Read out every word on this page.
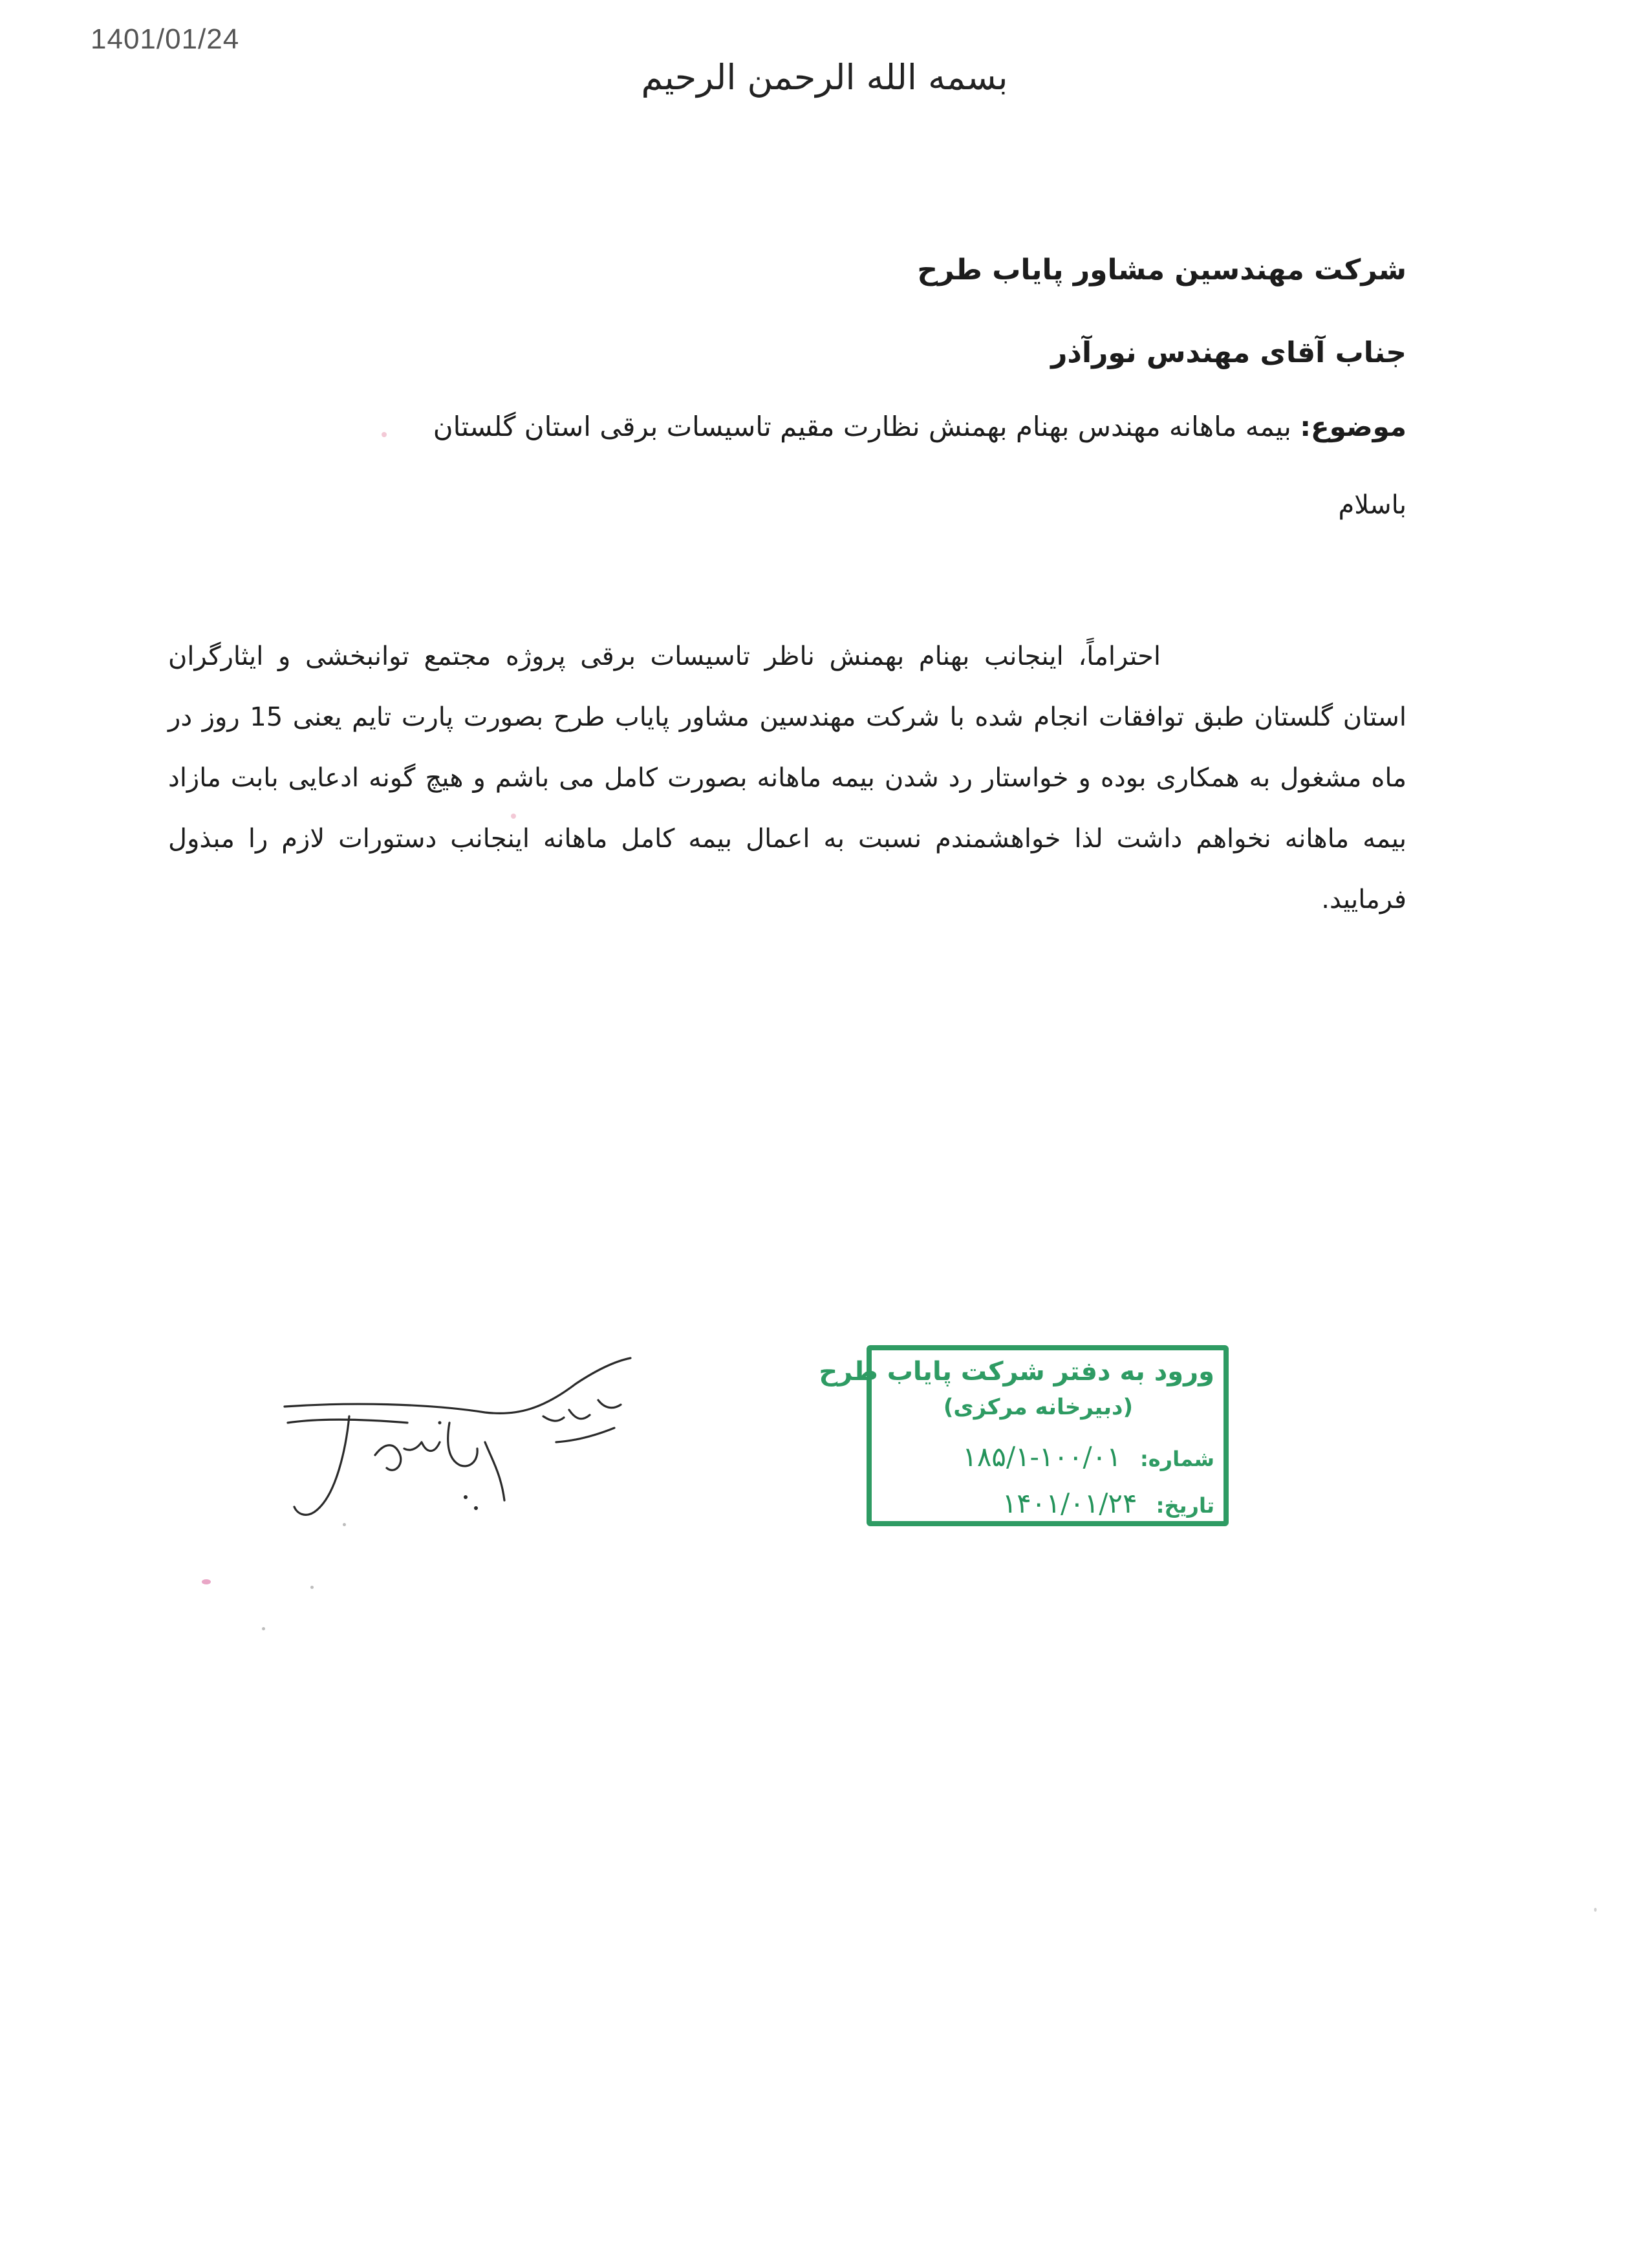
1401/01/24
بسمه الله الرحمن الرحیم
شرکت مهندسین مشاور پایاب طرح
جناب آقای مهندس نورآذر
موضوع: بیمه ماهانه مهندس بهنام بهمنش نظارت مقیم تاسیسات برقی استان گلستان
باسلام
احتراماً، اینجانب بهنام بهمنش ناظر تاسیسات برقی پروژه مجتمع توانبخشی و ایثارگران استان گلستان طبق توافقات انجام شده با شرکت مهندسین مشاور پایاب طرح بصورت پارت تایم یعنی 15 روز در ماه مشغول به همکاری بوده و خواستار رد شدن بیمه ماهانه بصورت کامل می باشم و هیچ گونه ادعایی بابت مازاد بیمه ماهانه نخواهم داشت لذا خواهشمندم نسبت به اعمال بیمه کامل ماهانه اینجانب دستورات لازم را مبذول فرمایید.
ورود به دفتر شرکت پایاب طرح
(دبیرخانه مرکزی)
شماره: ۱۰۰/۰۱-۱۸۵/۱
تاریخ: ۱۴۰۱/۰۱/۲۴
